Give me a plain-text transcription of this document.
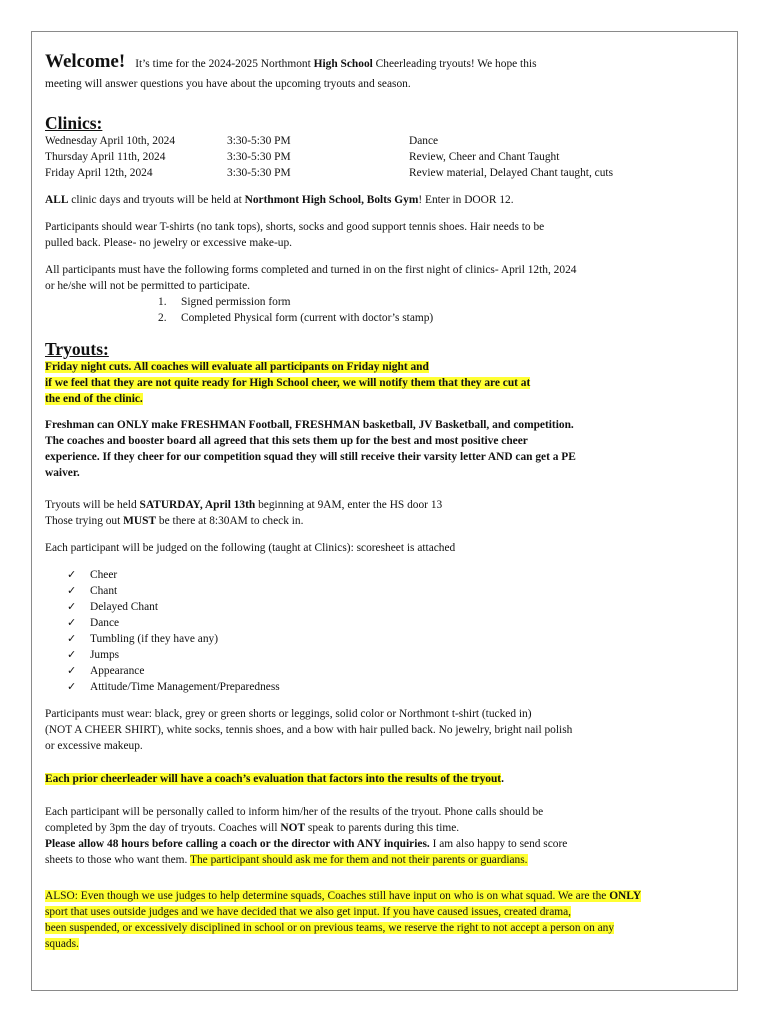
Welcome! It’s time for the 2024-2025 Northmont High School Cheerleading tryouts! We hope this

meeting will answer questions you have about the upcoming tryouts and season.

Clinics:
Wednesday April 10th, 2024	3:30-5:30 PM	Dance
Thursday April 11th, 2024	3:30-5:30 PM	Review, Cheer and Chant Taught
Friday April 12th, 2024	3:30-5:30 PM	Review material, Delayed Chant taught, cuts

ALL clinic days and tryouts will be held at Northmont High School, Bolts Gym! Enter in DOOR 12.

Participants should wear T-shirts (no tank tops), shorts, socks and good support tennis shoes. Hair needs to be
pulled back. Please- no jewelry or excessive make-up.

All participants must have the following forms completed and turned in on the first night of clinics- April 12th, 2024
or he/she will not be permitted to participate.

1. Signed permission form
2. Completed Physical form (current with doctor’s stamp)
Tryouts:

Friday night cuts. All coaches will evaluate all participants on Friday night and
if we feel that they are not quite ready for High School cheer, we will notify them that they are cut at
the end of the clinic.

Freshman can ONLY make FRESHMAN Football, FRESHMAN basketball, JV Basketball, and competition.
The coaches and booster board all agreed that this sets them up for the best and most positive cheer
experience. If they cheer for our competition squad they will still receive their varsity letter AND can get a PE
waiver.

Tryouts will be held SATURDAY, April 13th beginning at 9AM, enter the HS door 13
Those trying out MUST be there at 8:30AM to check in.

Each participant will be judged on the following (taught at Clinics): scoresheet is attached

✓ Cheer
✓ Chant
✓ Delayed Chant
✓ Dance
✓ Tumbling (if they have any)
✓ Jumps
✓ Appearance
✓ Attitude/Time Management/Preparedness

Participants must wear: black, grey or green shorts or leggings, solid color or Northmont t-shirt (tucked in)
(NOT A CHEER SHIRT), white socks, tennis shoes, and a bow with hair pulled back. No jewelry, bright nail polish
or excessive makeup.

Each prior cheerleader will have a coach’s evaluation that factors into the results of the tryout.

Each participant will be personally called to inform him/her of the results of the tryout. Phone calls should be
completed by 3pm the day of tryouts. Coaches will NOT speak to parents during this time.
Please allow 48 hours before calling a coach or the director with ANY inquiries. I am also happy to send score
sheets to those who want them. The participant should ask me for them and not their parents or guardians.

ALSO: Even though we use judges to help determine squads, Coaches still have input on who is on what squad. We are the ONLY
sport that uses outside judges and we have decided that we also get input. If you have caused issues, created drama,
been suspended, or excessively disciplined in school or on previous teams, we reserve the right to not accept a person on any
squads.
